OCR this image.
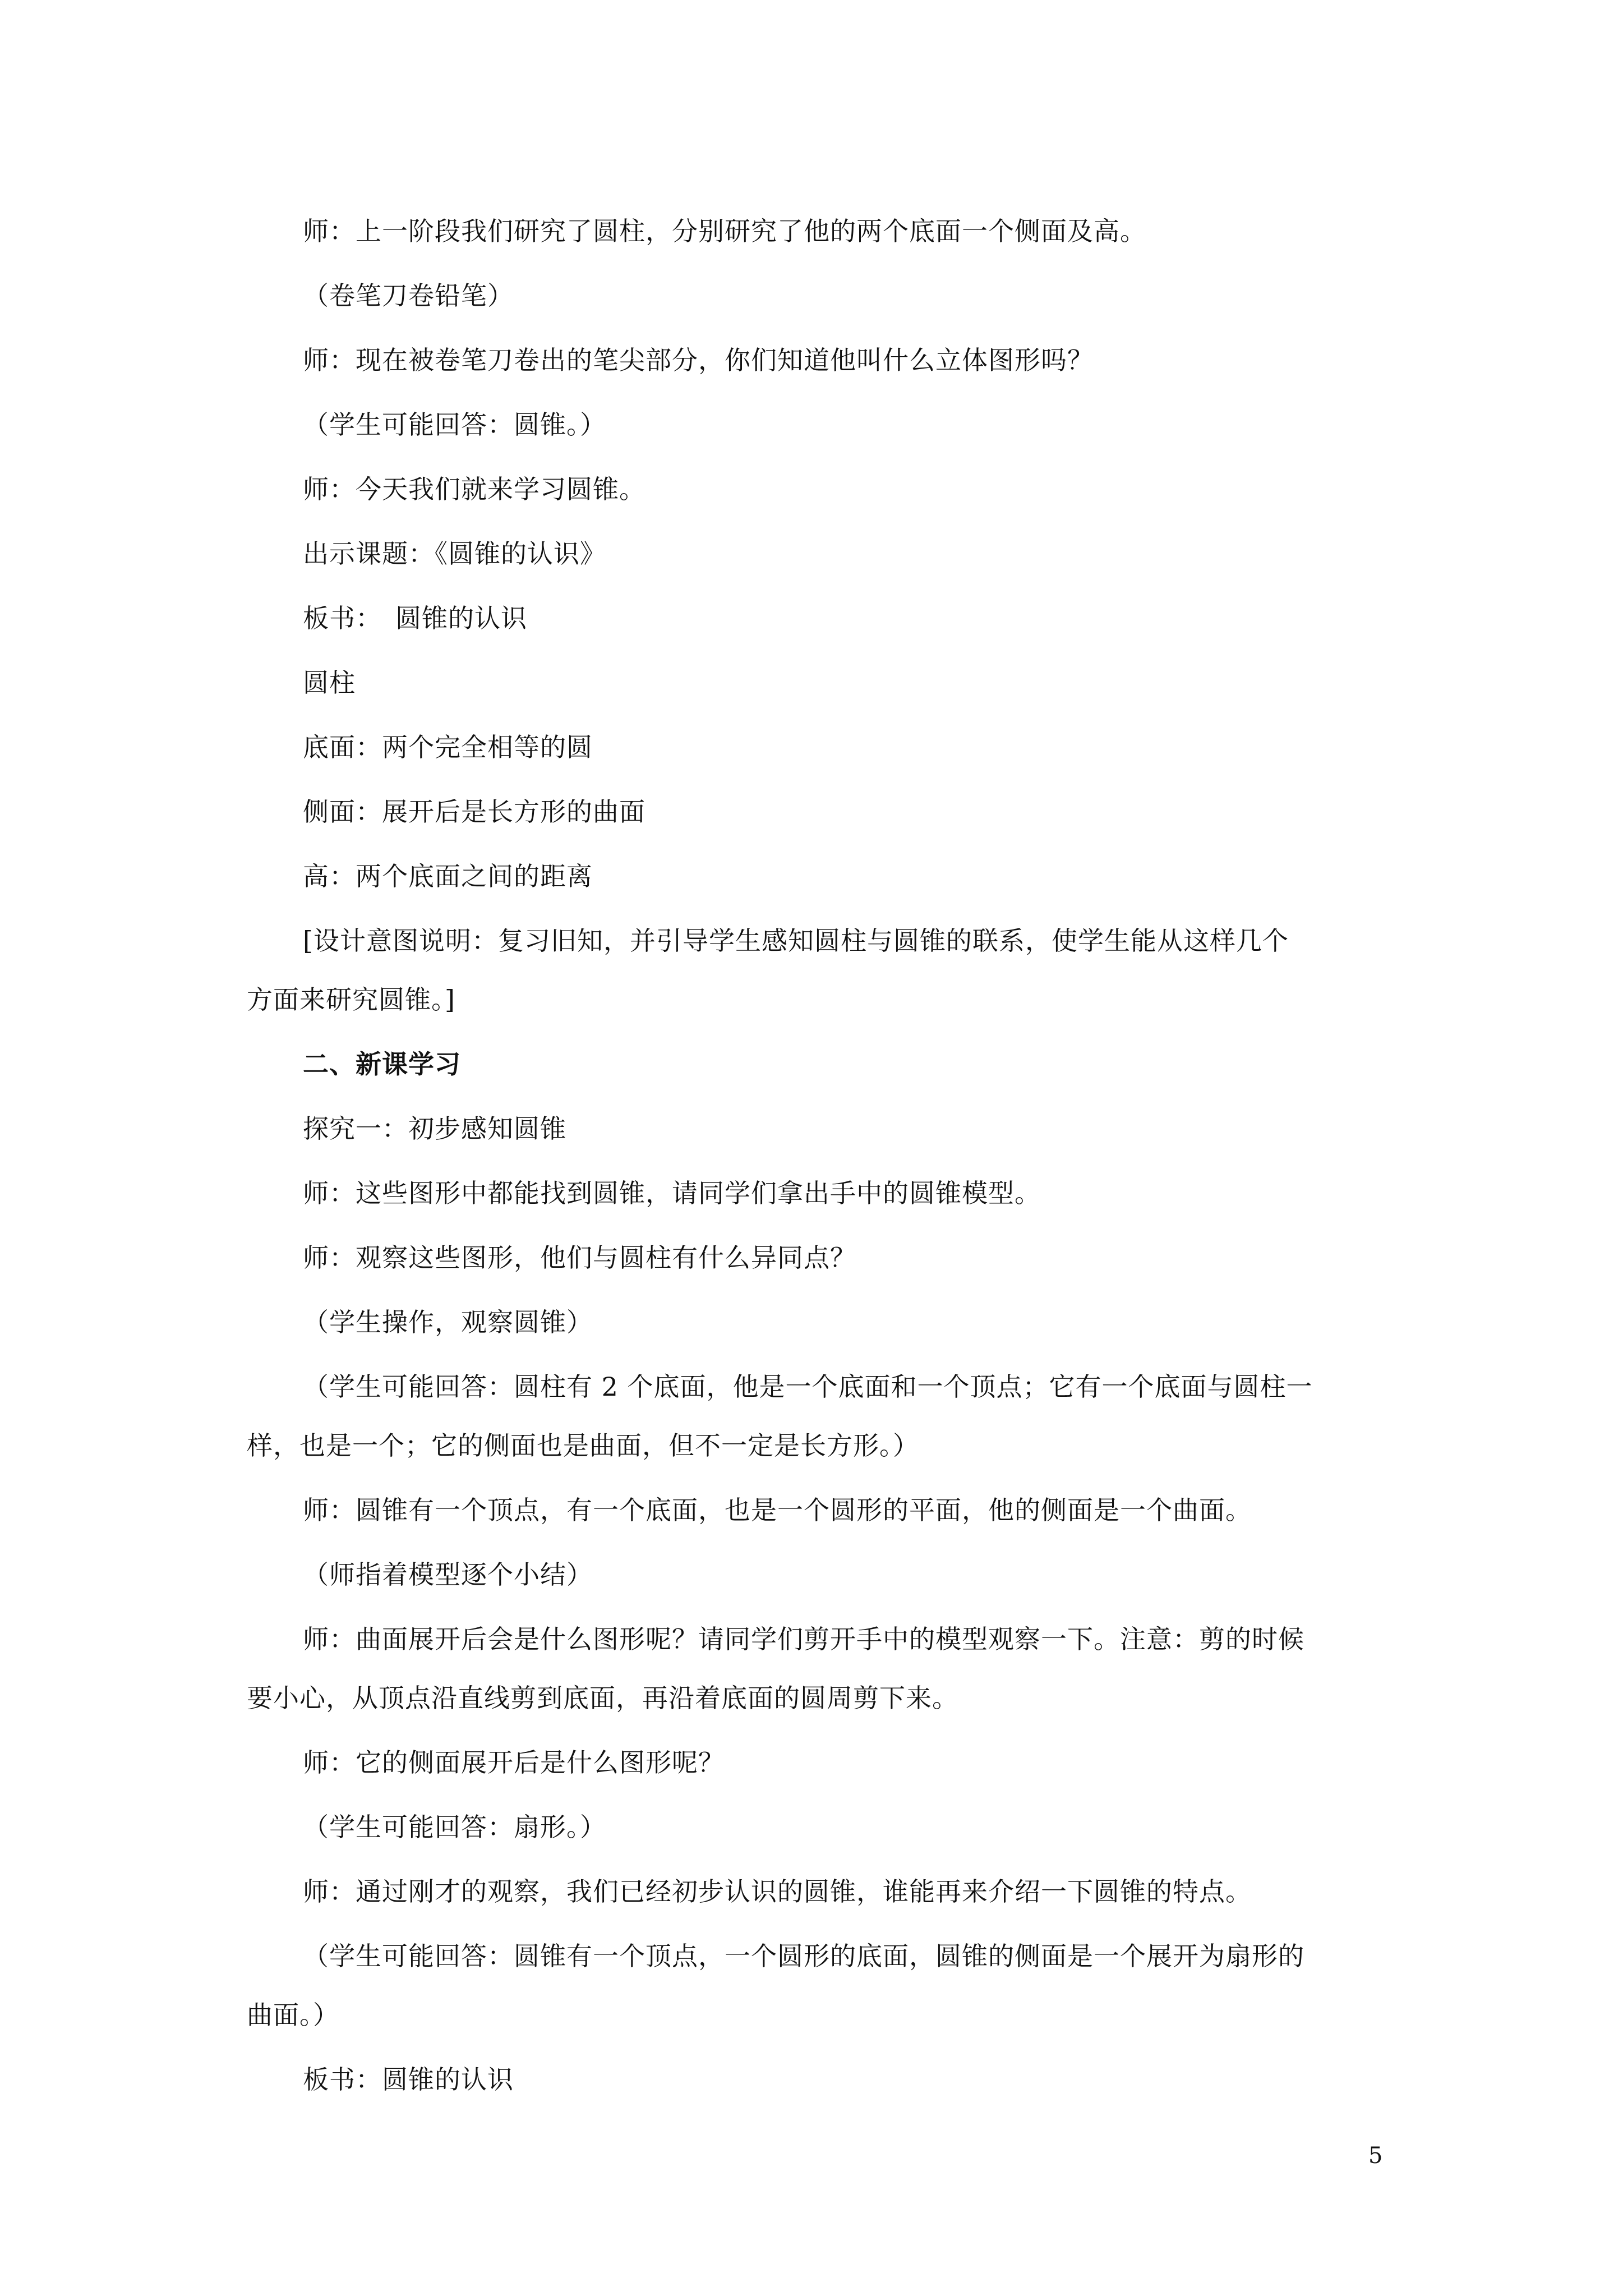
师：上一阶段我们研究了圆柱，分别研究了他的两个底面一个侧面及高。
（卷笔刀卷铅笔）
师：现在被卷笔刀卷出的笔尖部分，你们知道他叫什么立体图形吗？
（学生可能回答：圆锥。）
师：今天我们就来学习圆锥。
出示课题：《圆锥的认识》
板书：　圆锥的认识
圆柱
底面：两个完全相等的圆
侧面：展开后是长方形的曲面
高：两个底面之间的距离
[设计意图说明：复习旧知，并引导学生感知圆柱与圆锥的联系，使学生能从这样几个
方面来研究圆锥。]
二、新课学习
探究一：初步感知圆锥
师：这些图形中都能找到圆锥，请同学们拿出手中的圆锥模型。
师：观察这些图形，他们与圆柱有什么异同点？
（学生操作，观察圆锥）
（学生可能回答：圆柱有 2 个底面，他是一个底面和一个顶点；它有一个底面与圆柱一
样，也是一个；它的侧面也是曲面，但不一定是长方形。）
师：圆锥有一个顶点，有一个底面，也是一个圆形的平面，他的侧面是一个曲面。
（师指着模型逐个小结）
师：曲面展开后会是什么图形呢？请同学们剪开手中的模型观察一下。注意：剪的时候
要小心，从顶点沿直线剪到底面，再沿着底面的圆周剪下来。
师：它的侧面展开后是什么图形呢？
（学生可能回答：扇形。）
师：通过刚才的观察，我们已经初步认识的圆锥，谁能再来介绍一下圆锥的特点。
（学生可能回答：圆锥有一个顶点，一个圆形的底面，圆锥的侧面是一个展开为扇形的
曲面。）
板书：圆锥的认识
5
